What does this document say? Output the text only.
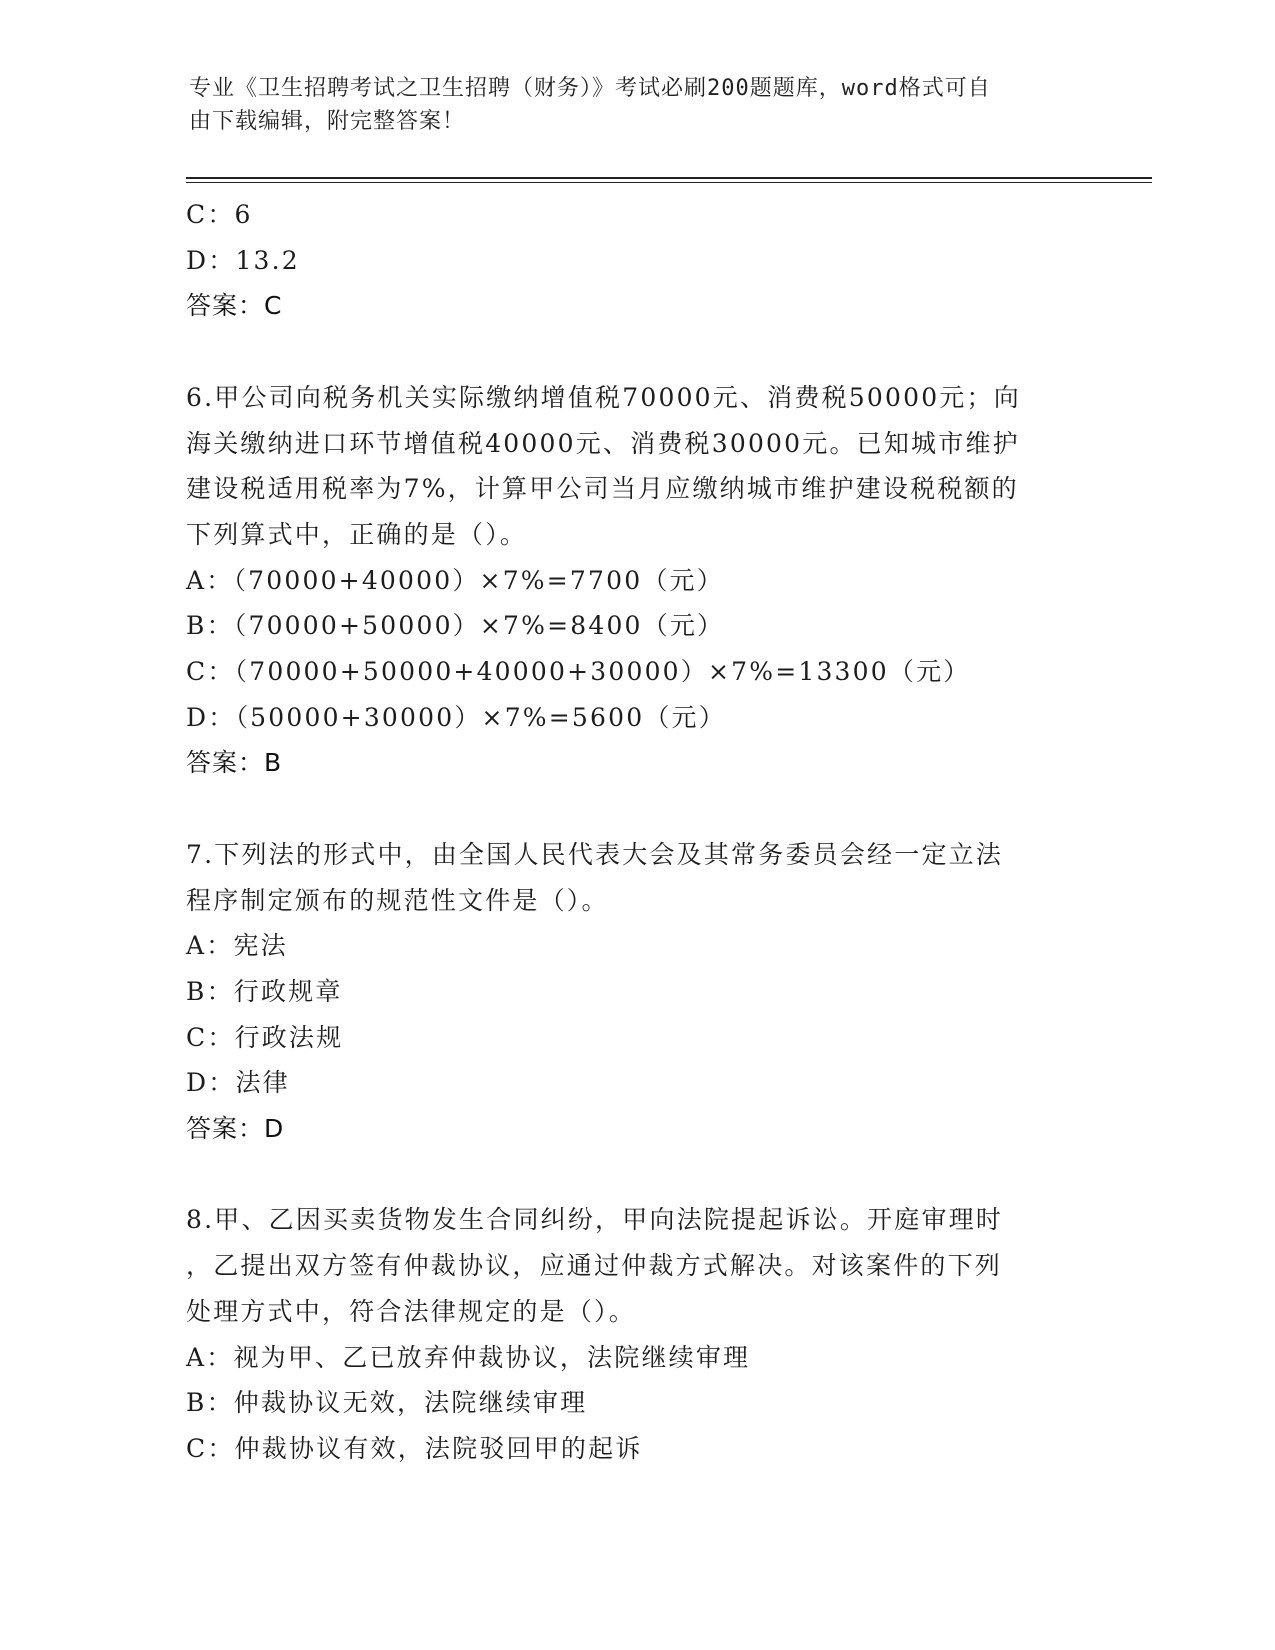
专业《卫生招聘考试之卫生招聘（财务）》考试必刷200题题库，word格式可自
由下载编辑，附完整答案！
C：6
D：13.2
答案：C
6.甲公司向税务机关实际缴纳增值税70000元、消费税50000元；向
海关缴纳进口环节增值税40000元、消费税30000元。已知城市维护
建设税适用税率为7%，计算甲公司当月应缴纳城市维护建设税税额的
下列算式中，正确的是（）。
A：（70000+40000）×7%=7700（元）
B：（70000+50000）×7%=8400（元）
C：（70000+50000+40000+30000）×7%=13300（元）
D：（50000+30000）×7%=5600（元）
答案：B
7.下列法的形式中，由全国人民代表大会及其常务委员会经一定立法
程序制定颁布的规范性文件是（）。
A：宪法
B：行政规章
C：行政法规
D：法律
答案：D
8.甲、乙因买卖货物发生合同纠纷，甲向法院提起诉讼。开庭审理时
，乙提出双方签有仲裁协议，应通过仲裁方式解决。对该案件的下列
处理方式中，符合法律规定的是（）。
A：视为甲、乙已放弃仲裁协议，法院继续审理
B：仲裁协议无效，法院继续审理
C：仲裁协议有效，法院驳回甲的起诉
